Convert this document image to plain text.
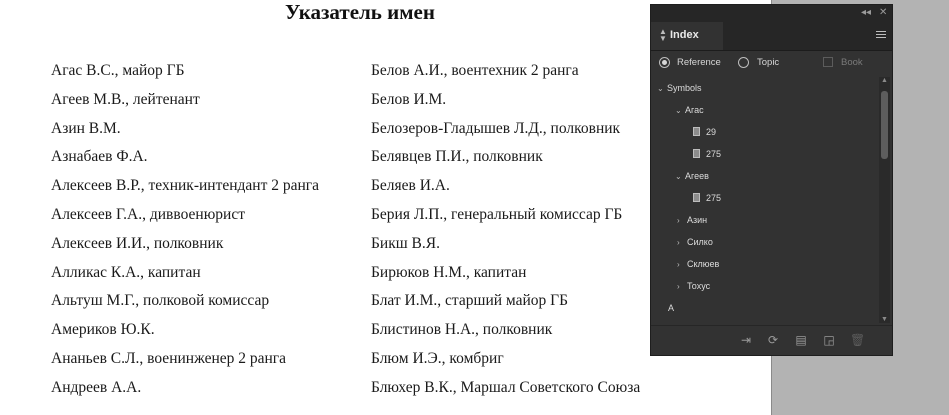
Указатель имен
Агас В.С., майор ГБ
Агеев М.В., лейтенант
Азин В.М.
Азнабаев Ф.А.
Алексеев В.Р., техник-интендант 2 ранга
Алексеев Г.А., диввоенюрист
Алексеев И.И., полковник
Алликас К.А., капитан
Альтуш М.Г., полковой комиссар
Америков Ю.К.
Ананьев С.Л., военинженер 2 ранга
Андреев А.А.
Белов А.И., воентехник 2 ранга
Белов И.М.
Белозеров-Гладышев Л.Д., полковник
Белявцев П.И., полковник
Беляев И.А.
Берия Л.П., генеральный комиссар ГБ
Бикш В.Я.
Бирюков Н.М., капитан
Блат И.М., старший майор ГБ
Блистинов Н.А., полковник
Блюм И.Э., комбриг
Блюхер В.К., Маршал Советского Союза
◂◂ ✕
▲
▼ Index
Reference	Topic	Book
⌄ Symbols
⌄ Агас
29
275
⌄ Агеев
275
› Азин
› Силко
› Склюев
› Тохус
A
▲
▼
⇥ ⟳ ▤ ◲ 🗑
